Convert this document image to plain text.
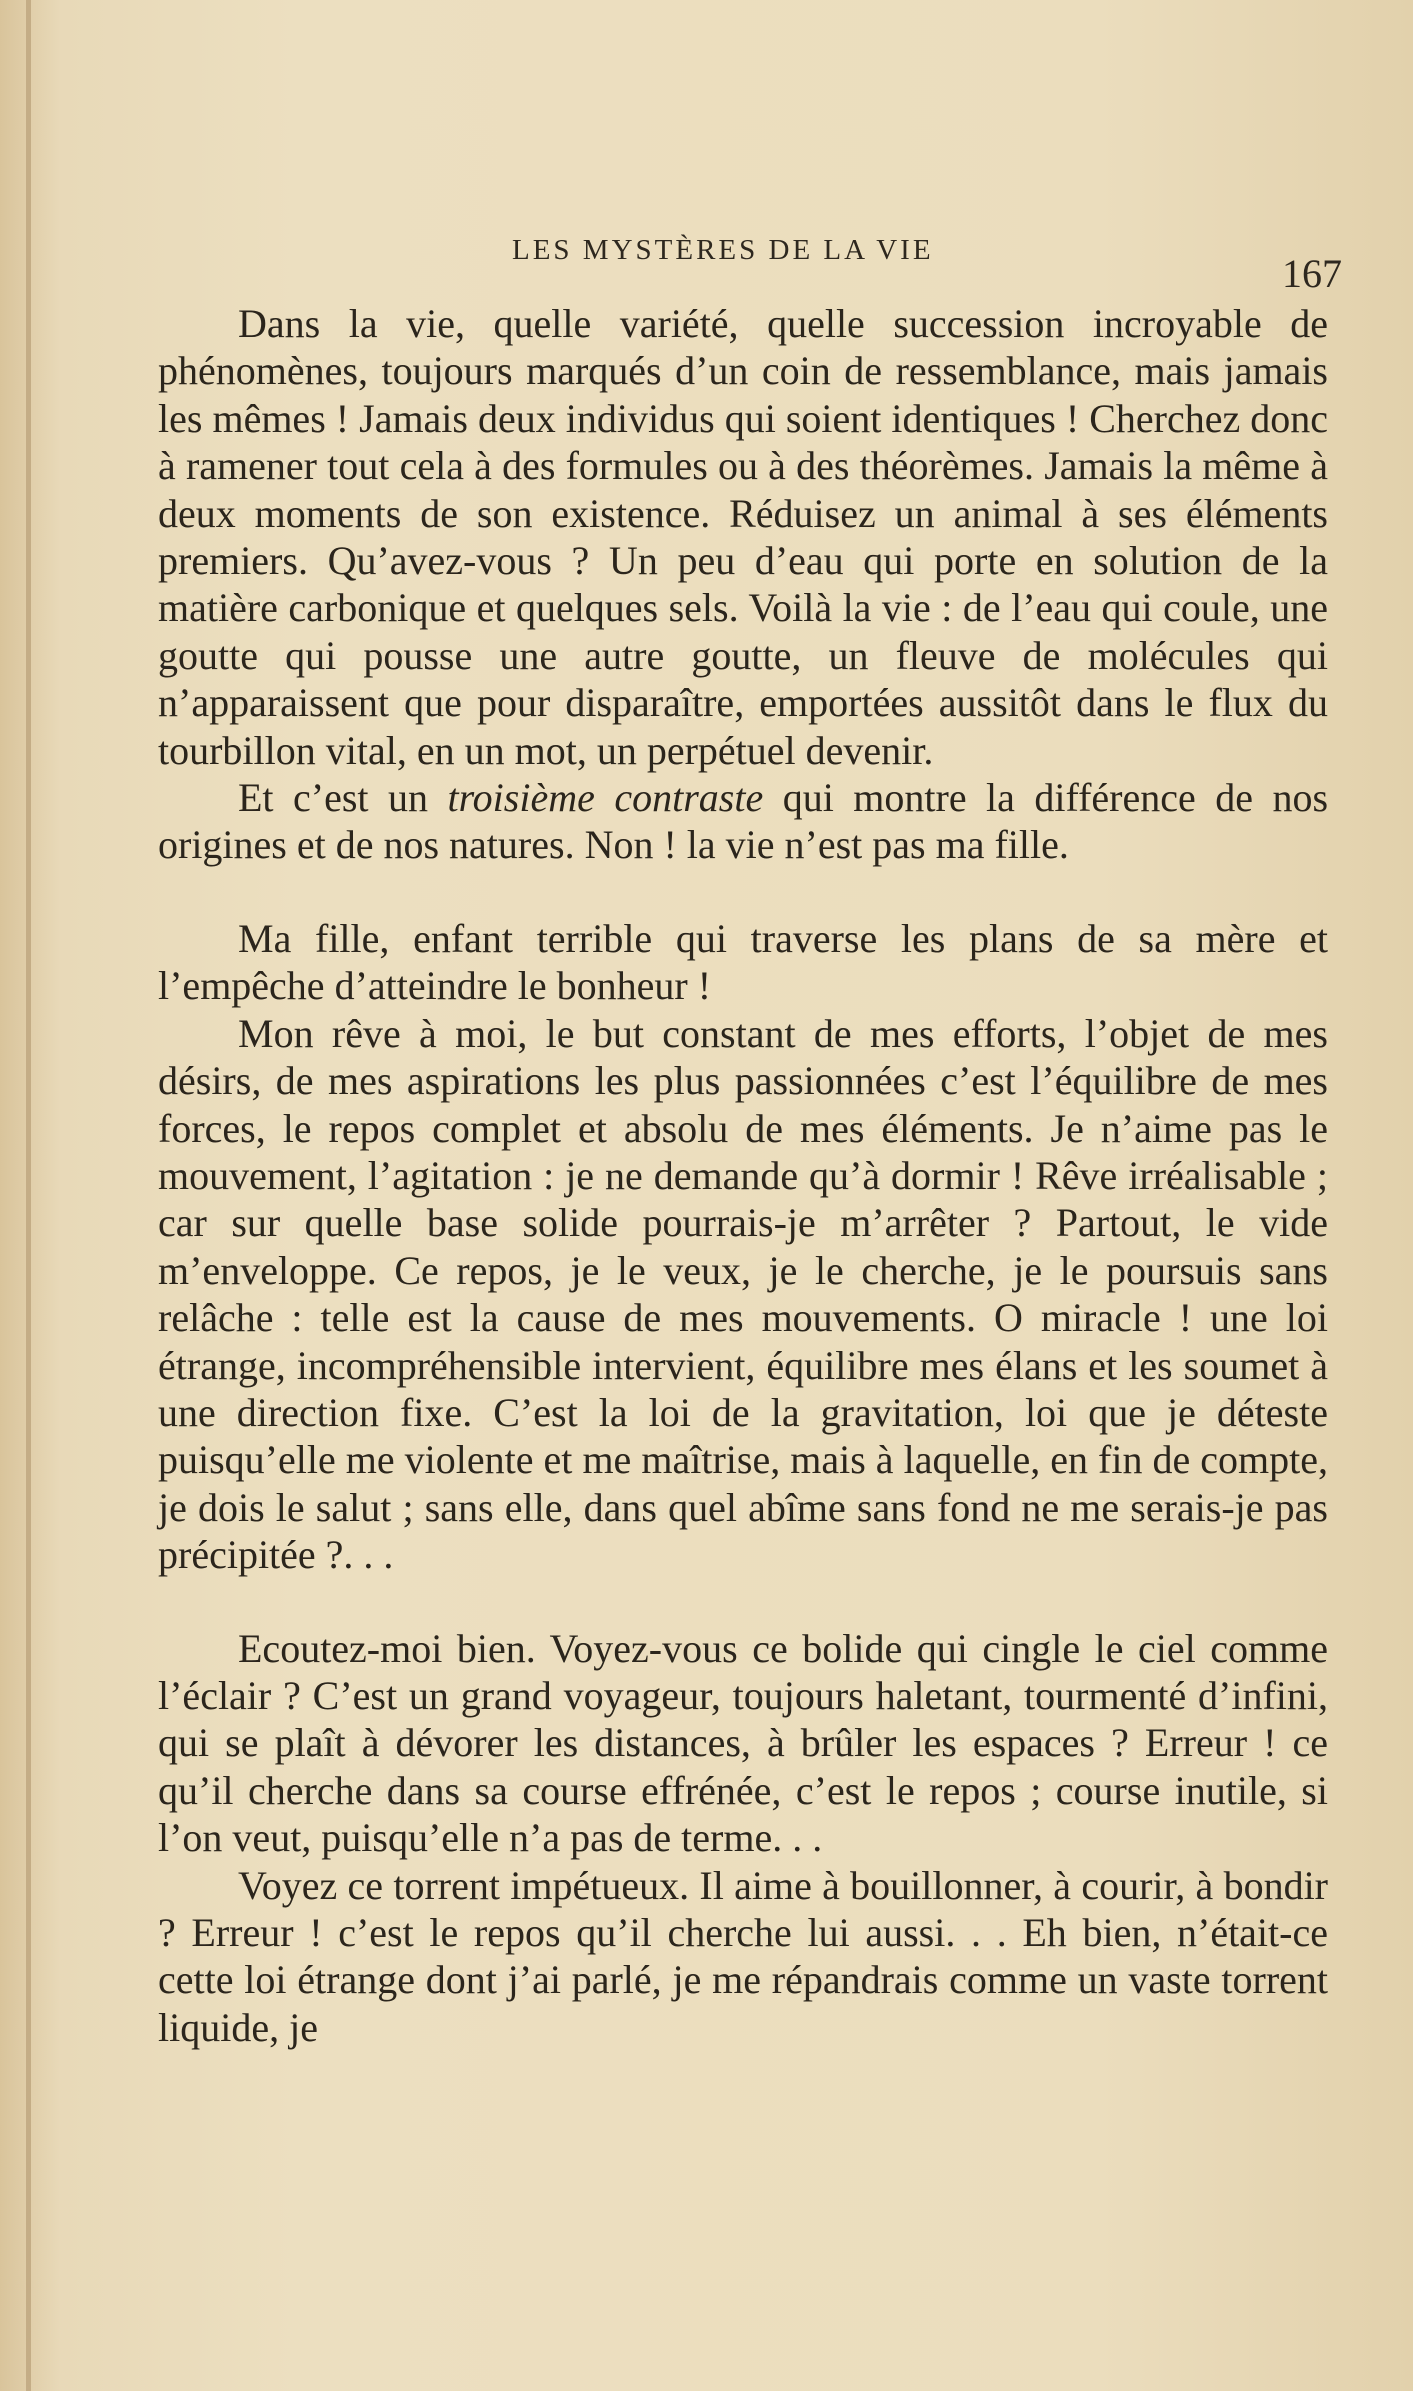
LES MYSTÈRES DE LA VIE
167

Dans la vie, quelle variété, quelle succession incroyable de phénomènes, toujours marqués d’un coin de ressemblance, mais jamais les mêmes ! Jamais deux individus qui soient identiques ! Cherchez donc à ramener tout cela à des formules ou à des théorèmes. Jamais la même à deux moments de son existence. Réduisez un animal à ses éléments premiers. Qu’avez-vous ? Un peu d’eau qui porte en solution de la matière carbonique et quelques sels. Voilà la vie : de l’eau qui coule, une goutte qui pousse une autre goutte, un fleuve de molécules qui n’apparaissent que pour disparaître, emportées aussitôt dans le flux du tourbillon vital, en un mot, un perpétuel devenir.

Et c’est un troisième contraste qui montre la différence de nos origines et de nos natures. Non ! la vie n’est pas ma fille.

Ma fille, enfant terrible qui traverse les plans de sa mère et l’empêche d’atteindre le bonheur !

Mon rêve à moi, le but constant de mes efforts, l’objet de mes désirs, de mes aspirations les plus passionnées c’est l’équilibre de mes forces, le repos complet et absolu de mes éléments. Je n’aime pas le mouvement, l’agitation : je ne demande qu’à dormir ! Rêve irréalisable ; car sur quelle base solide pourrais-je m’arrêter ? Partout, le vide m’enveloppe. Ce repos, je le veux, je le cherche, je le poursuis sans relâche : telle est la cause de mes mouvements. O miracle ! une loi étrange, incompréhensible intervient, équilibre mes élans et les soumet à une direction fixe. C’est la loi de la gravitation, loi que je déteste puisqu’elle me violente et me maîtrise, mais à laquelle, en fin de compte, je dois le salut ; sans elle, dans quel abîme sans fond ne me serais-je pas précipitée ?. . .

Ecoutez-moi bien. Voyez-vous ce bolide qui cingle le ciel comme l’éclair ? C’est un grand voyageur, toujours haletant, tourmenté d’infini, qui se plaît à dévorer les distances, à brûler les espaces ? Erreur ! ce qu’il cherche dans sa course effrénée, c’est le repos ; course inutile, si l’on veut, puisqu’elle n’a pas de terme. . .

Voyez ce torrent impétueux. Il aime à bouillonner, à courir, à bondir ? Erreur ! c’est le repos qu’il cherche lui aussi. . . Eh bien, n’était-ce cette loi étrange dont j’ai parlé, je me répandrais comme un vaste torrent liquide, je
